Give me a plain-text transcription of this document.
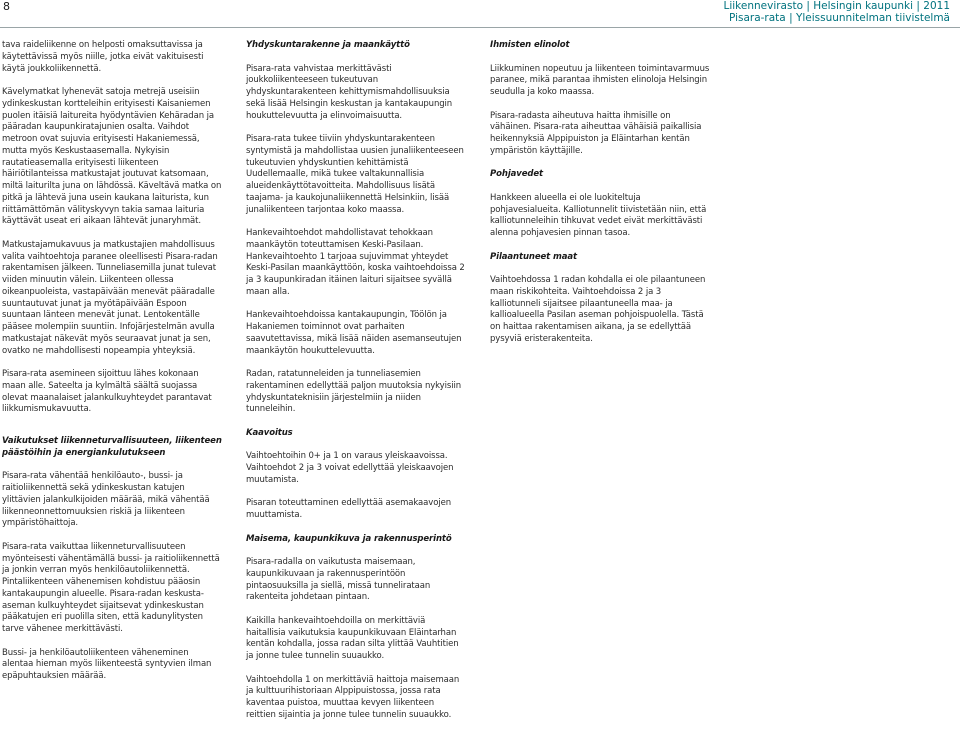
8	Liikennevirasto | Helsingin kaupunki | 2011
Pisara-rata | Yleissuunnitelman tiivistelmä

tava raideliikenne on helposti omaksuttavissa ja käytettävissä myös niille, jotka eivät vakituisesti käytä joukkoliikennettä.

Kävelymatkat lyhenevät satoja metrejä useisiin ydinkeskustan kortteleihin erityisesti Kaisaniemen puolen itäisiä laitureita hyödyntävien Kehäradan ja pääradan kaupunkiratajunien osalta. Vaihdot metroon ovat sujuvia erityisesti Hakaniemessä, mutta myös Keskustaasemalla. Nykyisin rautatieasemalla erityisesti liikenteen häiriötilanteissa matkustajat joutuvat katsomaan, miltä laiturilta juna on lähdössä. Käveltävä matka on pitkä ja lähtevä juna usein kaukana laiturista, kun riittämättömän välityskyvyn takia samaa laituria käyttävät useat eri aikaan lähtevät junaryhmät.

Matkustajamukavuus ja matkustajien mahdollisuus valita vaihtoehtoja paranee oleellisesti Pisara-radan rakentamisen jälkeen. Tunneliasemilla junat tulevat viiden minuutin välein. Liikenteen ollessa oikeanpuoleista, vastapäivään menevät pääradalle suuntautuvat junat ja myötäpäivään Espoon suuntaan länteen menevät junat. Lentokentälle pääsee molempiin suuntiin. Infojärjestelmän avulla matkustajat näkevät myös seuraavat junat ja sen, ovatko ne mahdollisesti nopeampia yhteyksiä.

Pisara-rata asemineen sijoittuu lähes kokonaan maan alle. Sateelta ja kylmältä säältä suojassa olevat maanalaiset jalankulkuyhteydet parantavat liikkumismukavuutta.

Vaikutukset liikenneturvallisuuteen, liikenteen päästöihin ja energiankulutukseen

Pisara-rata vähentää henkilöauto-, bussi- ja raitioliikennettä sekä ydinkeskustan katujen ylittävien jalankulkijoiden määrää, mikä vähentää liikenneonnettomuuksien riskiä ja liikenteen ympäristöhaittoja.

Pisara-rata vaikuttaa liikenneturvallisuuteen myönteisesti vähentämällä bussi- ja raitioliikennettä ja jonkin verran myös henkilöautoliikennettä. Pintaliikenteen vähenemisen kohdistuu pääosin kantakaupungin alueelle. Pisara-radan keskusta-aseman kulkuyhteydet sijaitsevat ydinkeskustan pääkatujen eri puolilla siten, että kadunylitysten tarve vähenee merkittävästi.

Bussi- ja henkilöautoliikenteen väheneminen alentaa hieman myös liikenteestä syntyvien ilman epäpuhtauksien määrää.

Yhdyskuntarakenne ja maankäyttö

Pisara-rata vahvistaa merkittävästi joukkoliikenteeseen tukeutuvan yhdyskuntarakenteen kehittymismahdollisuuksia sekä lisää Helsingin keskustan ja kantakaupungin houkuttelevuutta ja elinvoimaisuutta.

Pisara-rata tukee tiiviin yhdyskuntarakenteen syntymistä ja mahdollistaa uusien junaliikenteeseen tukeutuvien yhdyskuntien kehittämistä Uudellemaalle, mikä tukee valtakunnallisia alueidenkäyttötavoitteita. Mahdollisuus lisätä taajama- ja kaukojunaliikennettä Helsinkiin, lisää junaliikenteen tarjontaa koko maassa.

Hankevaihtoehdot mahdollistavat tehokkaan maankäytön toteuttamisen Keski-Pasilaan. Hankevaihtoehto 1 tarjoaa sujuvimmat yhteydet Keski-Pasilan maankäyttöön, koska vaihtoehdoissa 2 ja 3 kaupunkiradan itäinen laituri sijaitsee syvällä maan alla.

Hankevaihtoehdoissa kantakaupungin, Töölön ja Hakaniemen toiminnot ovat parhaiten saavutettavissa, mikä lisää näiden asemanseutujen maankäytön houkuttelevuutta.

Radan, ratatunneleiden ja tunneliasemien rakentaminen edellyttää paljon muutoksia nykyisiin yhdyskuntateknisiin järjestelmiin ja niiden tunneleihin.

Kaavoitus

Vaihtoehtoihin 0+ ja 1 on varaus yleiskaavoissa. Vaihtoehdot 2 ja 3 voivat edellyttää yleiskaavojen muutamista.

Pisaran toteuttaminen edellyttää asemakaavojen muuttamista.

Maisema, kaupunkikuva ja rakennusperintö

Pisara-radalla on vaikutusta maisemaan, kaupunkikuvaan ja rakennusperintöön pintaosuuksilla ja siellä, missä tunnelirataan rakenteita johdetaan pintaan.

Kaikilla hankevaihtoehdoilla on merkittäviä haitallisia vaikutuksia kaupunkikuvaan Eläintarhan kentän kohdalla, jossa radan silta ylittää Vauhtitien ja jonne tulee tunnelin suuaukko.

Vaihtoehdolla 1 on merkittäviä haittoja maisemaan ja kulttuurihistoriaan Alppipuistossa, jossa rata kaventaa puistoa, muuttaa kevyen liikenteen reittien sijaintia ja jonne tulee tunnelin suuaukko.

Ihmisten elinolot

Liikkuminen nopeutuu ja liikenteen toimintavarmuus paranee, mikä parantaa ihmisten elinoloja Helsingin seudulla ja koko maassa.

Pisara-radasta aiheutuva haitta ihmisille on vähäinen. Pisara-rata aiheuttaa vähäisiä paikallisia heikennyksiä Alppipuiston ja Eläintarhan kentän ympäristön käyttäjille.

Pohjavedet

Hankkeen alueella ei ole luokiteltuja pohjavesialueita. Kalliotunnelit tiivistetään niin, että kalliotunneleihin tihkuvat vedet eivät merkittävästi alenna pohjavesien pinnan tasoa.

Pilaantuneet maat

Vaihtoehdossa 1 radan kohdalla ei ole pilaantuneen maan riskikohteita. Vaihtoehdoissa 2 ja 3 kalliotunneli sijaitsee pilaantuneella maa- ja kallioalueella Pasilan aseman pohjoispuolella. Tästä on haittaa rakentamisen aikana, ja se edellyttää pysyviä eristerakenteita.
